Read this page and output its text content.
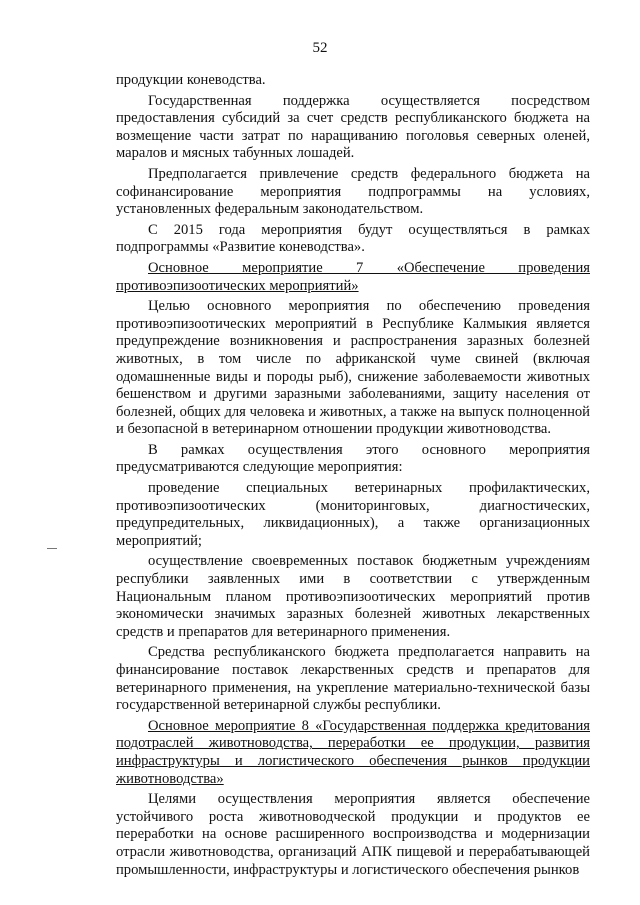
52

продукции коневодства.

Государственная поддержка осуществляется посредством предоставления субсидий за счет средств республиканского бюджета на возмещение части затрат по наращиванию поголовья северных оленей, маралов и мясных табунных лошадей.

Предполагается привлечение средств федерального бюджета на софинансирование мероприятия подпрограммы на условиях, установленных федеральным законодательством.

С 2015 года мероприятия будут осуществляться в рамках подпрограммы «Развитие коневодства».

Основное мероприятие 7 «Обеспечение проведения противоэпизоотических мероприятий»

Целью основного мероприятия по обеспечению проведения противоэпизоотических мероприятий в Республике Калмыкия является предупреждение возникновения и распространения заразных болезней животных, в том числе по африканской чуме свиней (включая одомашненные виды и породы рыб), снижение заболеваемости животных бешенством и другими заразными заболеваниями, защиту населения от болезней, общих для человека и животных, а также на выпуск полноценной и безопасной в ветеринарном отношении продукции животноводства.

В рамках осуществления этого основного мероприятия предусматриваются следующие мероприятия:

проведение специальных ветеринарных профилактических, противоэпизоотических (мониторинговых, диагностических, предупредительных, ликвидационных), а также организационных мероприятий;

осуществление своевременных поставок бюджетным учреждениям республики заявленных ими в соответствии с утвержденным Национальным планом противоэпизоотических мероприятий против экономически значимых заразных болезней животных лекарственных средств и препаратов для ветеринарного применения.

Средства республиканского бюджета предполагается направить на финансирование поставок лекарственных средств и препаратов для ветеринарного применения, на укрепление материально-технической базы государственной ветеринарной службы республики.

Основное мероприятие 8 «Государственная поддержка кредитования подотраслей животноводства, переработки ее продукции, развития инфраструктуры и логистического обеспечения рынков продукции животноводства»

Целями осуществления мероприятия является обеспечение устойчивого роста животноводческой продукции и продуктов ее переработки на основе расширенного воспроизводства и модернизации отрасли животноводства, организаций АПК пищевой и перерабатывающей промышленности, инфраструктуры и логистического обеспечения рынков
